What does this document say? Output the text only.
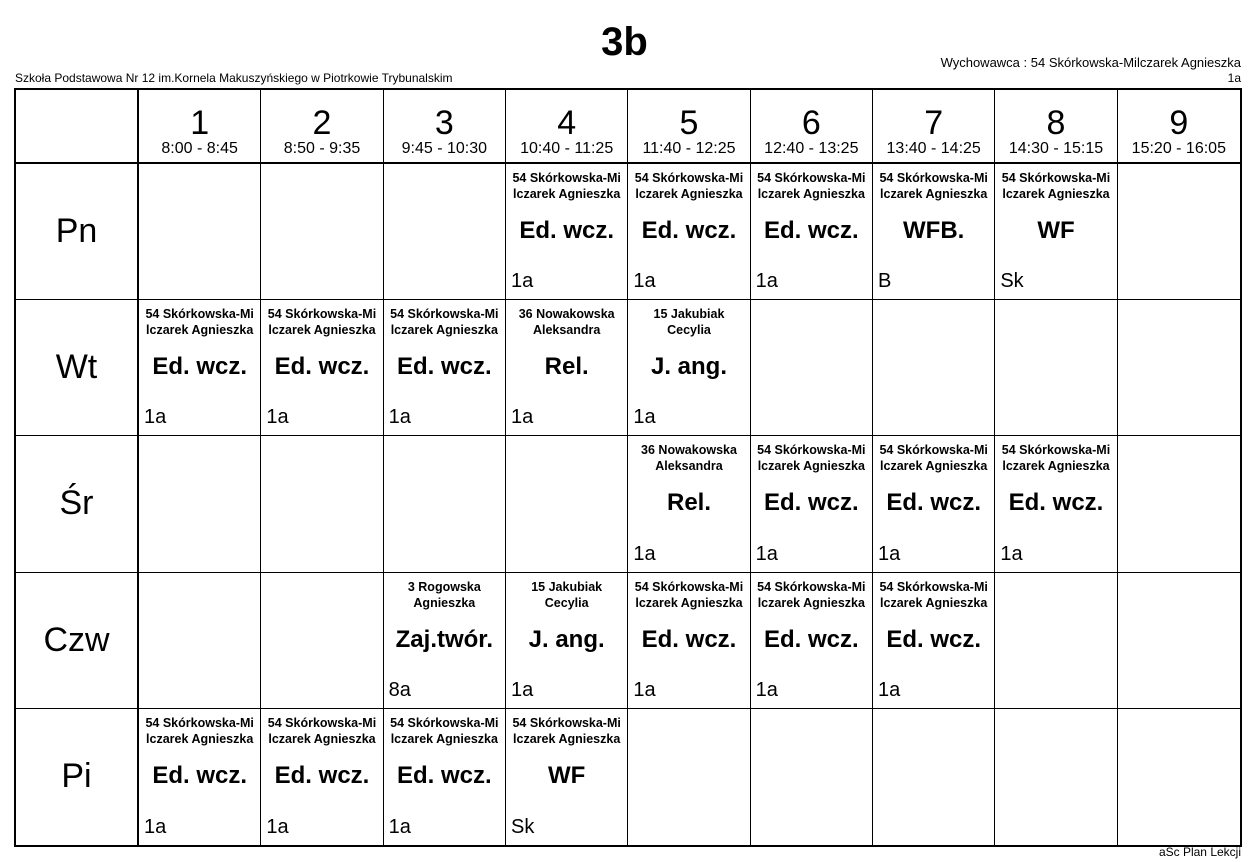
3b
Szkoła Podstawowa Nr 12 im.Kornela Makuszyńskiego w Piotrkowie Trybunalskim
Wychowawca : 54 Skórkowska-Milczarek Agnieszka
1a
1
8:00 - 8:45
2
8:50 - 9:35
3
9:45 - 10:30
4
10:40 - 11:25
5
11:40 - 12:25
6
12:40 - 13:25
7
13:40 - 14:25
8
14:30 - 15:15
9
15:20 - 16:05
Pn
54 Skórkowska-Mi
lczarek Agnieszka
Ed. wcz.
1a
54 Skórkowska-Mi
lczarek Agnieszka
Ed. wcz.
1a
54 Skórkowska-Mi
lczarek Agnieszka
Ed. wcz.
1a
54 Skórkowska-Mi
lczarek Agnieszka
WFB.
B
54 Skórkowska-Mi
lczarek Agnieszka
WF
Sk
Wt
54 Skórkowska-Mi
lczarek Agnieszka
Ed. wcz.
1a
54 Skórkowska-Mi
lczarek Agnieszka
Ed. wcz.
1a
54 Skórkowska-Mi
lczarek Agnieszka
Ed. wcz.
1a
36 Nowakowska
Aleksandra
Rel.
1a
15 Jakubiak
Cecylia
J. ang.
1a
Śr
36 Nowakowska
Aleksandra
Rel.
1a
54 Skórkowska-Mi
lczarek Agnieszka
Ed. wcz.
1a
54 Skórkowska-Mi
lczarek Agnieszka
Ed. wcz.
1a
54 Skórkowska-Mi
lczarek Agnieszka
Ed. wcz.
1a
Czw
3 Rogowska
Agnieszka
Zaj.twór.
8a
15 Jakubiak
Cecylia
J. ang.
1a
54 Skórkowska-Mi
lczarek Agnieszka
Ed. wcz.
1a
54 Skórkowska-Mi
lczarek Agnieszka
Ed. wcz.
1a
54 Skórkowska-Mi
lczarek Agnieszka
Ed. wcz.
1a
Pi
54 Skórkowska-Mi
lczarek Agnieszka
Ed. wcz.
1a
54 Skórkowska-Mi
lczarek Agnieszka
Ed. wcz.
1a
54 Skórkowska-Mi
lczarek Agnieszka
Ed. wcz.
1a
54 Skórkowska-Mi
lczarek Agnieszka
WF
Sk
aSc Plan Lekcji
